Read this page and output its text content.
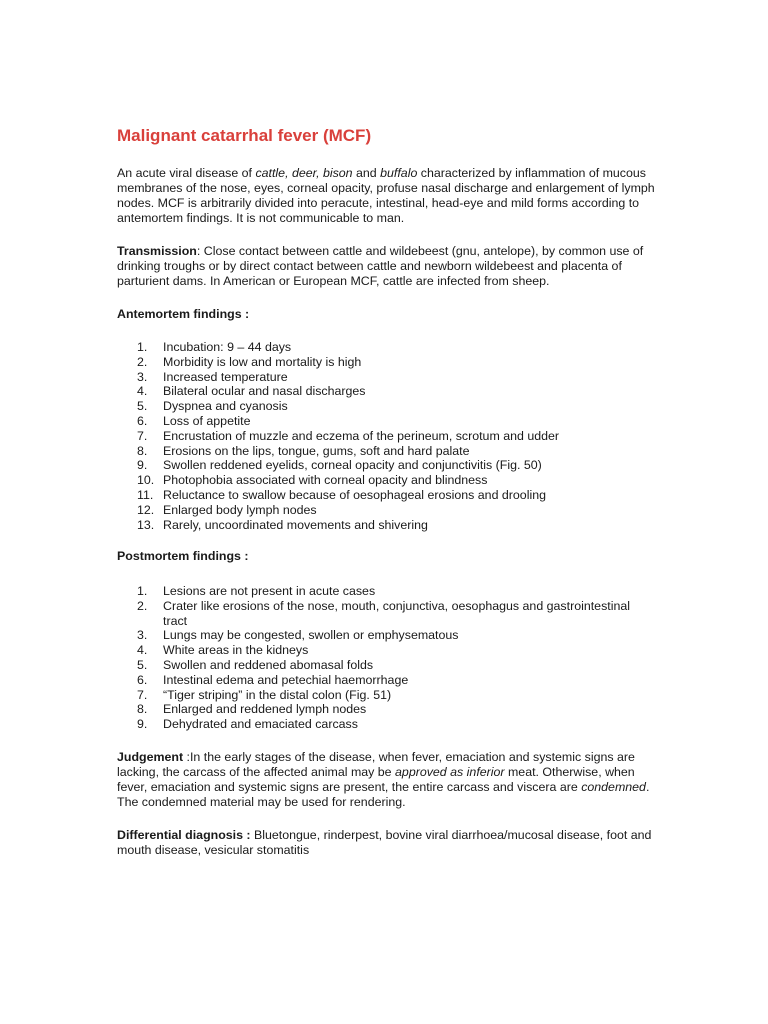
Malignant catarrhal fever (MCF)

An acute viral disease of cattle, deer, bison and buffalo characterized by inflammation of mucous membranes of the nose, eyes, corneal opacity, profuse nasal discharge and enlargement of lymph nodes. MCF is arbitrarily divided into peracute, intestinal, head-eye and mild forms according to antemortem findings. It is not communicable to man.

Transmission: Close contact between cattle and wildebeest (gnu, antelope), by common use of drinking troughs or by direct contact between cattle and newborn wildebeest and placenta of parturient dams. In American or European MCF, cattle are infected from sheep.

Antemortem findings :

1. Incubation: 9 – 44 days
2. Morbidity is low and mortality is high
3. Increased temperature
4. Bilateral ocular and nasal discharges
5. Dyspnea and cyanosis
6. Loss of appetite
7. Encrustation of muzzle and eczema of the perineum, scrotum and udder
8. Erosions on the lips, tongue, gums, soft and hard palate
9. Swollen reddened eyelids, corneal opacity and conjunctivitis (Fig. 50)
10. Photophobia associated with corneal opacity and blindness
11. Reluctance to swallow because of oesophageal erosions and drooling
12. Enlarged body lymph nodes
13. Rarely, uncoordinated movements and shivering

Postmortem findings :

1. Lesions are not present in acute cases
2. Crater like erosions of the nose, mouth, conjunctiva, oesophagus and gastrointestinal tract
3. Lungs may be congested, swollen or emphysematous
4. White areas in the kidneys
5. Swollen and reddened abomasal folds
6. Intestinal edema and petechial haemorrhage
7. “Tiger striping” in the distal colon (Fig. 51)
8. Enlarged and reddened lymph nodes
9. Dehydrated and emaciated carcass

Judgement :In the early stages of the disease, when fever, emaciation and systemic signs are lacking, the carcass of the affected animal may be approved as inferior meat. Otherwise, when fever, emaciation and systemic signs are present, the entire carcass and viscera are condemned. The condemned material may be used for rendering.

Differential diagnosis : Bluetongue, rinderpest, bovine viral diarrhoea/mucosal disease, foot and mouth disease, vesicular stomatitis
